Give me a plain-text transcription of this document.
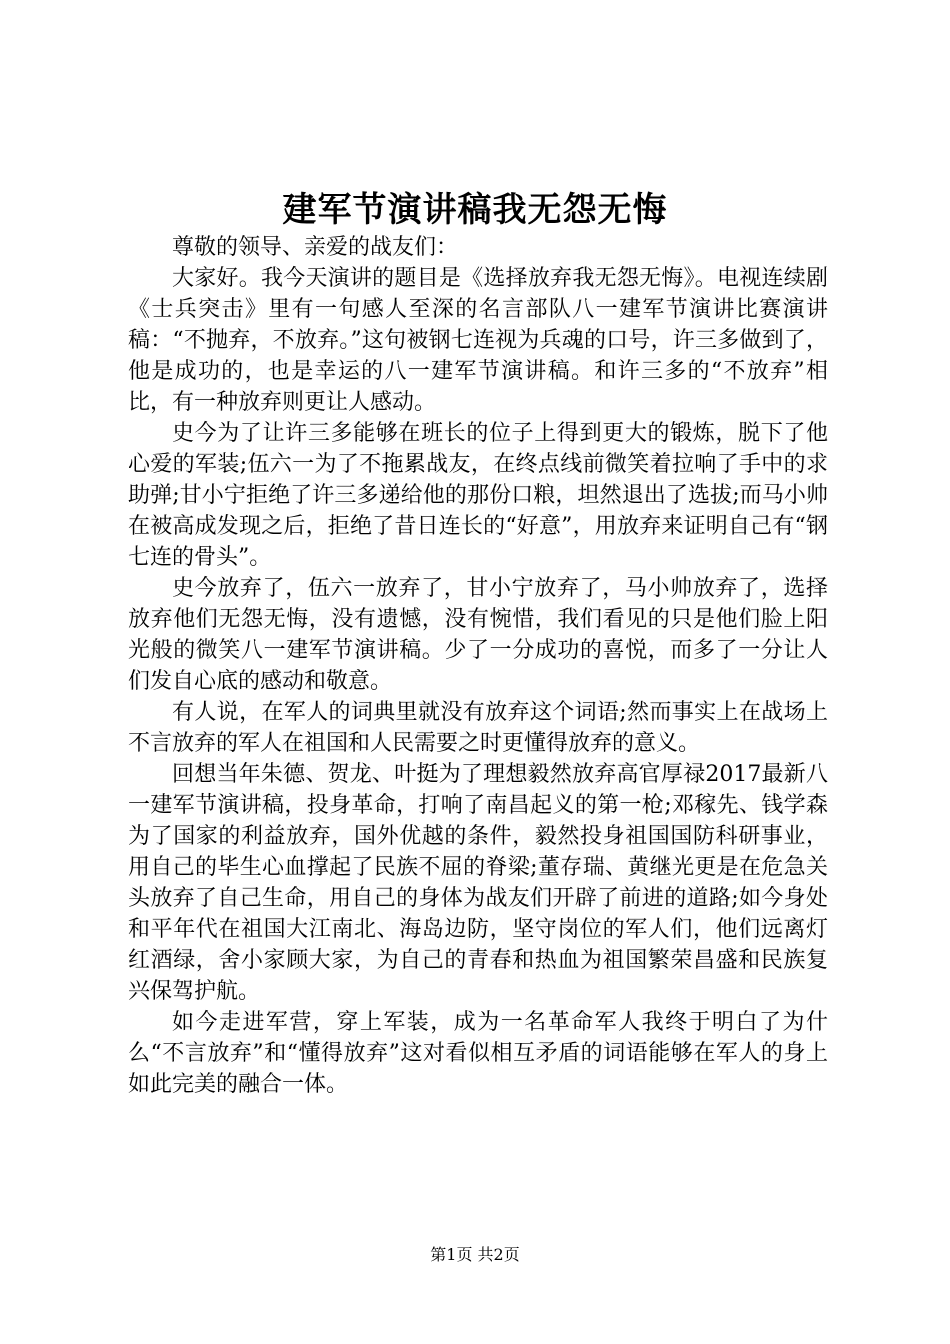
建军节演讲稿我无怨无悔

尊敬的领导、亲爱的战友们：

大家好。我今天演讲的题目是《选择放弃我无怨无悔》。电视连续剧《士兵突击》里有一句感人至深的名言部队八一建军节演讲比赛演讲稿：“不抛弃，不放弃。”这句被钢七连视为兵魂的口号，许三多做到了，他是成功的，也是幸运的八一建军节演讲稿。和许三多的“不放弃”相比，有一种放弃则更让人感动。

史今为了让许三多能够在班长的位子上得到更大的锻炼，脱下了他心爱的军装;伍六一为了不拖累战友，在终点线前微笑着拉响了手中的求助弹;甘小宁拒绝了许三多递给他的那份口粮，坦然退出了选拔;而马小帅在被高成发现之后，拒绝了昔日连长的“好意”，用放弃来证明自己有“钢七连的骨头”。

史今放弃了，伍六一放弃了，甘小宁放弃了，马小帅放弃了，选择放弃他们无怨无悔，没有遗憾，没有惋惜，我们看见的只是他们脸上阳光般的微笑八一建军节演讲稿。少了一分成功的喜悦，而多了一分让人们发自心底的感动和敬意。

有人说，在军人的词典里就没有放弃这个词语;然而事实上在战场上不言放弃的军人在祖国和人民需要之时更懂得放弃的意义。

回想当年朱德、贺龙、叶挺为了理想毅然放弃高官厚禄2017最新八一建军节演讲稿，投身革命，打响了南昌起义的第一枪;邓稼先、钱学森为了国家的利益放弃，国外优越的条件，毅然投身祖国国防科研事业，用自己的毕生心血撑起了民族不屈的脊梁;董存瑞、黄继光更是在危急关头放弃了自己生命，用自己的身体为战友们开辟了前进的道路;如今身处和平年代在祖国大江南北、海岛边防，坚守岗位的军人们，他们远离灯红酒绿，舍小家顾大家，为自己的青春和热血为祖国繁荣昌盛和民族复兴保驾护航。

如今走进军营，穿上军装，成为一名革命军人我终于明白了为什么“不言放弃”和“懂得放弃”这对看似相互矛盾的词语能够在军人的身上如此完美的融合一体。

第1页 共2页
